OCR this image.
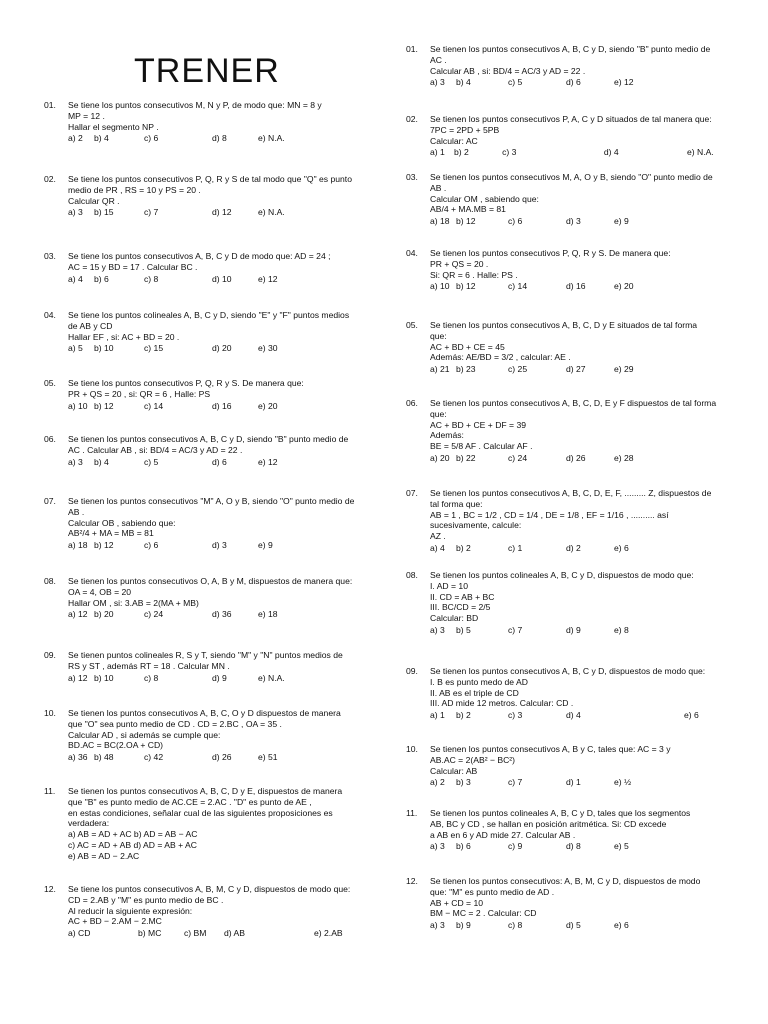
TRENER
01.	Se tiene los puntos consecutivos M, N y P, de modo que: MN = 8 y
MP = 12 .
Hallar el segmento NP .
a) 2	b) 4	c) 6	d) 8	e) N.A.
02.	Se tiene los puntos consecutivos P, Q, R y S de tal modo que "Q" es punto
medio de PR , RS = 10 y PS = 20 .
Calcular QR .
a) 3	b) 15	c) 7	d) 12	e) N.A.
03.	Se tiene los puntos consecutivos A, B, C y D de modo que: AD = 24 ;
AC = 15 y BD = 17 . Calcular BC .
a) 4	b) 6	c) 8	d) 10	e) 12
04.	Se tiene los puntos colineales A, B, C y D, siendo "E" y "F" puntos medios
de AB y CD
Hallar EF , si: AC + BD = 20 .
a) 5	b) 10	c) 15	d) 20	e) 30
05.	Se tiene los puntos consecutivos P, Q, R y S. De manera que:
PR + QS = 20 , si: QR = 6 , Halle: PS
a) 10 b) 12	c) 14	d) 16	e) 20
06.	Se tienen los puntos consecutivos A, B, C y D, siendo "B" punto medio de
AC . Calcular AB , si: BD/4 = AC/3 y AD = 22 .
a) 3	b) 4	c) 5	d) 6	e) 12
07.	Se tienen los puntos consecutivos "M" A, O y B, siendo "O" punto medio de
AB .
Calcular OB , sabiendo que:
AB²/4 + MA = MB = 81
a) 18 b) 12	c) 6	d) 3	e) 9
08.	Se tienen los puntos consecutivos O, A, B y M, dispuestos de manera que:
OA = 4, OB = 20
Hallar OM , si: 3.AB = 2(MA + MB)
a) 12 b) 20	c) 24	d) 36	e) 18
09.	Se tienen puntos colineales R, S y T, siendo "M" y "N" puntos medios de
RS y ST , además RT = 18 . Calcular MN .
a) 12 b) 10	c) 8	d) 9	e) N.A.
10.	Se tienen los puntos consecutivos A, B, C, O y D dispuestos de manera
que "O" sea punto medio de CD . CD = 2.BC , OA = 35 .
Calcular AD , si además se cumple que:
BD.AC = BC(2.OA + CD)
a) 36 b) 48	c) 42	d) 26	e) 51
11.	Se tienen los puntos consecutivos A, B, C, D y E, dispuestos de manera
que "B" es punto medio de AC.CE = 2.AC . "D" es punto de AE ,
en estas condiciones, señalar cual de las siguientes proposiciones es
verdadera:
a) AB = AD + AC b) AD = AB − AC
c) AC = AD + AB d) AD = AB + AC
e) AB = AD − 2.AC
12.	Se tiene los puntos consecutivos A, B, M, C y D, dispuestos de modo que:
CD = 2.AB y "M" es punto medio de BC .
Al reducir la siguiente expresión:
AC + BD − 2.AM − 2.MC
a) CD	b) MC	c) BM	d) AB	e) 2.AB
01.	Se tienen los puntos consecutivos A, B, C y D, siendo "B" punto medio de
AC .
Calcular AB , si: BD/4 = AC/3 y AD = 22 .
a) 3	b) 4	c) 5	d) 6	e) 12
02.	Se tienen los puntos consecutivos P, A, C y D situados de tal manera que:
7PC = 2PD + 5PB
Calcular: AC
a) 1	b) 2	c) 3	d) 4	e) N.A.
03.	Se tienen los puntos consecutivos M, A, O y B, siendo "O" punto medio de
AB .
Calcular OM , sabiendo que:
AB/4 + MA.MB = 81
a) 18 b) 12	c) 6	d) 3	e) 9
04.	Se tienen los puntos consecutivos P, Q, R y S. De manera que:
PR + QS = 20 .
Si: QR = 6 . Halle: PS .
a) 10 b) 12	c) 14	d) 16	e) 20
05.	Se tienen los puntos consecutivos A, B, C, D y E situados de tal forma
que:
AC + BD + CE = 45
Además: AE/BD = 3/2 , calcular: AE .
a) 21 b) 23	c) 25	d) 27	e) 29
06.	Se tienen los puntos consecutivos A, B, C, D, E y F dispuestos de tal forma
que:
AC + BD + CE + DF = 39
Además:
BE = 5/8 AF . Calcular AF .
a) 20 b) 22	c) 24	d) 26	e) 28
07.	Se tienen los puntos consecutivos A, B, C, D, E, F, ......... Z, dispuestos de
tal forma que:
AB = 1 , BC = 1/2 , CD = 1/4 , DE = 1/8 , EF = 1/16 , .......... así
sucesivamente, calcule:
AZ .
a) 4	b) 2	c) 1	d) 2	e) 6
08.	Se tienen los puntos colineales A, B, C y D, dispuestos de modo que:
I. AD = 10
II. CD = AB + BC
III. BC/CD = 2/5
Calcular: BD
a) 3	b) 5	c) 7	d) 9	e) 8
09.	Se tienen los puntos consecutivos A, B, C y D, dispuestos de modo que:
I. B es punto medo de AD
II. AB es el triple de CD
III. AD mide 12 metros. Calcular: CD .
a) 1	b) 2	c) 3	d) 4	e) 6
10.	Se tienen los puntos consecutivos A, B y C, tales que: AC = 3 y
AB.AC = 2(AB² − BC²)
Calcular: AB
a) 2	b) 3	c) 7	d) 1	e) ½
11.	Se tienen los puntos colineales A, B, C y D, tales que los segmentos
AB, BC y CD , se hallan en posición aritmética. Si: CD excede
a AB en 6 y AD mide 27. Calcular AB .
a) 3	b) 6	c) 9	d) 8	e) 5
12.	Se tienen los puntos consecutivos: A, B, M, C y D, dispuestos de modo
que: "M" es punto medio de AD .
AB + CD = 10
BM − MC = 2 . Calcular: CD
a) 3	b) 9	c) 8	d) 5	e) 6
